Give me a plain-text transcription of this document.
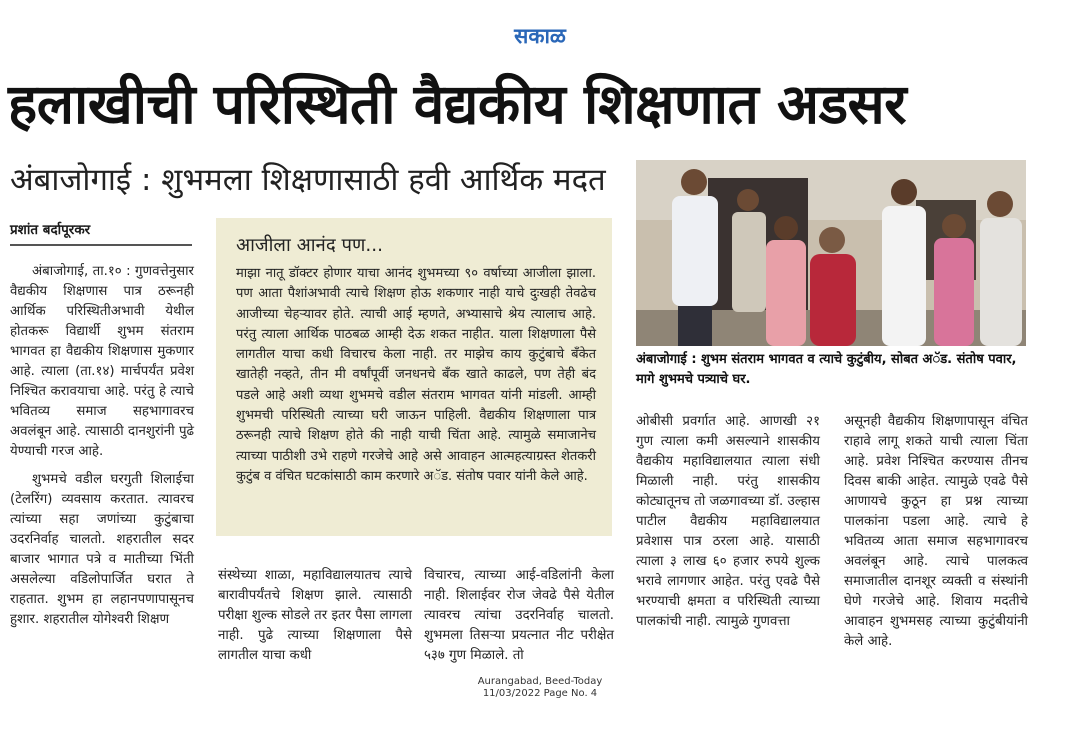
सकाळ
हलाखीची परिस्थिती वैद्यकीय शिक्षणात अडसर
अंबाजोगाई : शुभमला शिक्षणासाठी हवी आर्थिक मदत
प्रशांत बर्दापूरकर

अंबाजोगाई, ता.१० : गुणवत्तेनुसार वैद्यकीय शिक्षणास पात्र ठरूनही आर्थिक परिस्थितीअभावी येथील होतकरू विद्यार्थी शुभम संतराम भागवत हा वैद्यकीय शिक्षणास मुकणार आहे. त्याला (ता.१४) मार्चपर्यंत प्रवेश निश्चित करावयाचा आहे. परंतु हे त्याचे भवितव्य समाज सहभागावरच अवलंबून आहे. त्यासाठी दानशुरांनी पुढे येण्याची गरज आहे.

शुभमचे वडील घरगुती शिलाईचा (टेलरिंग) व्यवसाय करतात. त्यावरच त्यांच्या सहा जणांच्या कुटुंबाचा उदरनिर्वाह चालतो. शहरातील सदर बाजार भागात पत्रे व मातीच्या भिंती असलेल्या वडिलोपार्जित घरात ते राहतात. शुभम हा लहानपणापासूनच हुशार. शहरातील योगेश्वरी शिक्षण

आजीला आनंद पण...
माझा नातू डॉक्टर होणार याचा आनंद शुभमच्या ९० वर्षाच्या आजीला झाला. पण आता पैशांअभावी त्याचे शिक्षण होऊ शकणार नाही याचे दुःखही तेवढेच आजीच्या चेहऱ्यावर होते. त्याची आई म्हणते, अभ्यासाचे श्रेय त्यालाच आहे. परंतु त्याला आर्थिक पाठबळ आम्ही देऊ शकत नाहीत. याला शिक्षणाला पैसे लागतील याचा कधी विचारच केला नाही. तर माझेच काय कुटुंबाचे बँकेत खातेही नव्हते, तीन मी वर्षांपूर्वी जनधनचे बँक खाते काढले, पण तेही बंद पडले आहे अशी व्यथा शुभमचे वडील संतराम भागवत यांनी मांडली. आम्ही शुभमची परिस्थिती त्याच्या घरी जाऊन पाहिली. वैद्यकीय शिक्षणाला पात्र ठरूनही त्याचे शिक्षण होते की नाही याची चिंता आहे. त्यामुळे समाजानेच त्याच्या पाठीशी उभे राहणे गरजेचे आहे असे आवाहन आत्महत्याग्रस्त शेतकरी कुटुंब व वंचित घटकांसाठी काम करणारे अॅड. संतोष पवार यांनी केले आहे.

संस्थेच्या शाळा, महाविद्यालयातच त्याचे बारावीपर्यंतचे शिक्षण झाले. त्यासाठी परीक्षा शुल्क सोडले तर इतर पैसा लागला नाही. पुढे त्याच्या शिक्षणाला पैसे लागतील याचा कधी

विचारच, त्याच्या आई-वडिलांनी केला नाही. शिलाईवर रोज जेवढे पैसे येतील त्यावरच त्यांचा उदरनिर्वाह चालतो. शुभमला तिसऱ्या प्रयत्नात नीट परीक्षेत ५३७ गुण मिळाले. तो

अंबाजोगाई : शुभम संतराम भागवत व त्याचे कुटुंबीय, सोबत अॅड. संतोष पवार, मागे शुभमचे पत्र्याचे घर.

ओबीसी प्रवर्गात आहे. आणखी २१ गुण त्याला कमी असल्याने शासकीय वैद्यकीय महाविद्यालयात त्याला संधी मिळाली नाही. परंतु शासकीय कोट्यातूनच तो जळगावच्या डॉ. उल्हास पाटील वैद्यकीय महाविद्यालयात प्रवेशास पात्र ठरला आहे. यासाठी त्याला ३ लाख ६० हजार रुपये शुल्क भरावे लागणार आहेत. परंतु एवढे पैसे भरण्याची क्षमता व परिस्थिती त्याच्या पालकांची नाही. त्यामुळे गुणवत्ता

असूनही वैद्यकीय शिक्षणापासून वंचित राहावे लागू शकते याची त्याला चिंता आहे. प्रवेश निश्चित करण्यास तीनच दिवस बाकी आहेत. त्यामुळे एवढे पैसे आणायचे कुठून हा प्रश्न त्याच्या पालकांना पडला आहे. त्याचे हे भवितव्य आता समाज सहभागावरच अवलंबून आहे. त्याचे पालकत्व समाजातील दानशूर व्यक्ती व संस्थांनी घेणे गरजेचे आहे. शिवाय मदतीचे आवाहन शुभमसह त्याच्या कुटुंबीयांनी केले आहे.

Aurangabad, Beed-Today
11/03/2022 Page No. 4
